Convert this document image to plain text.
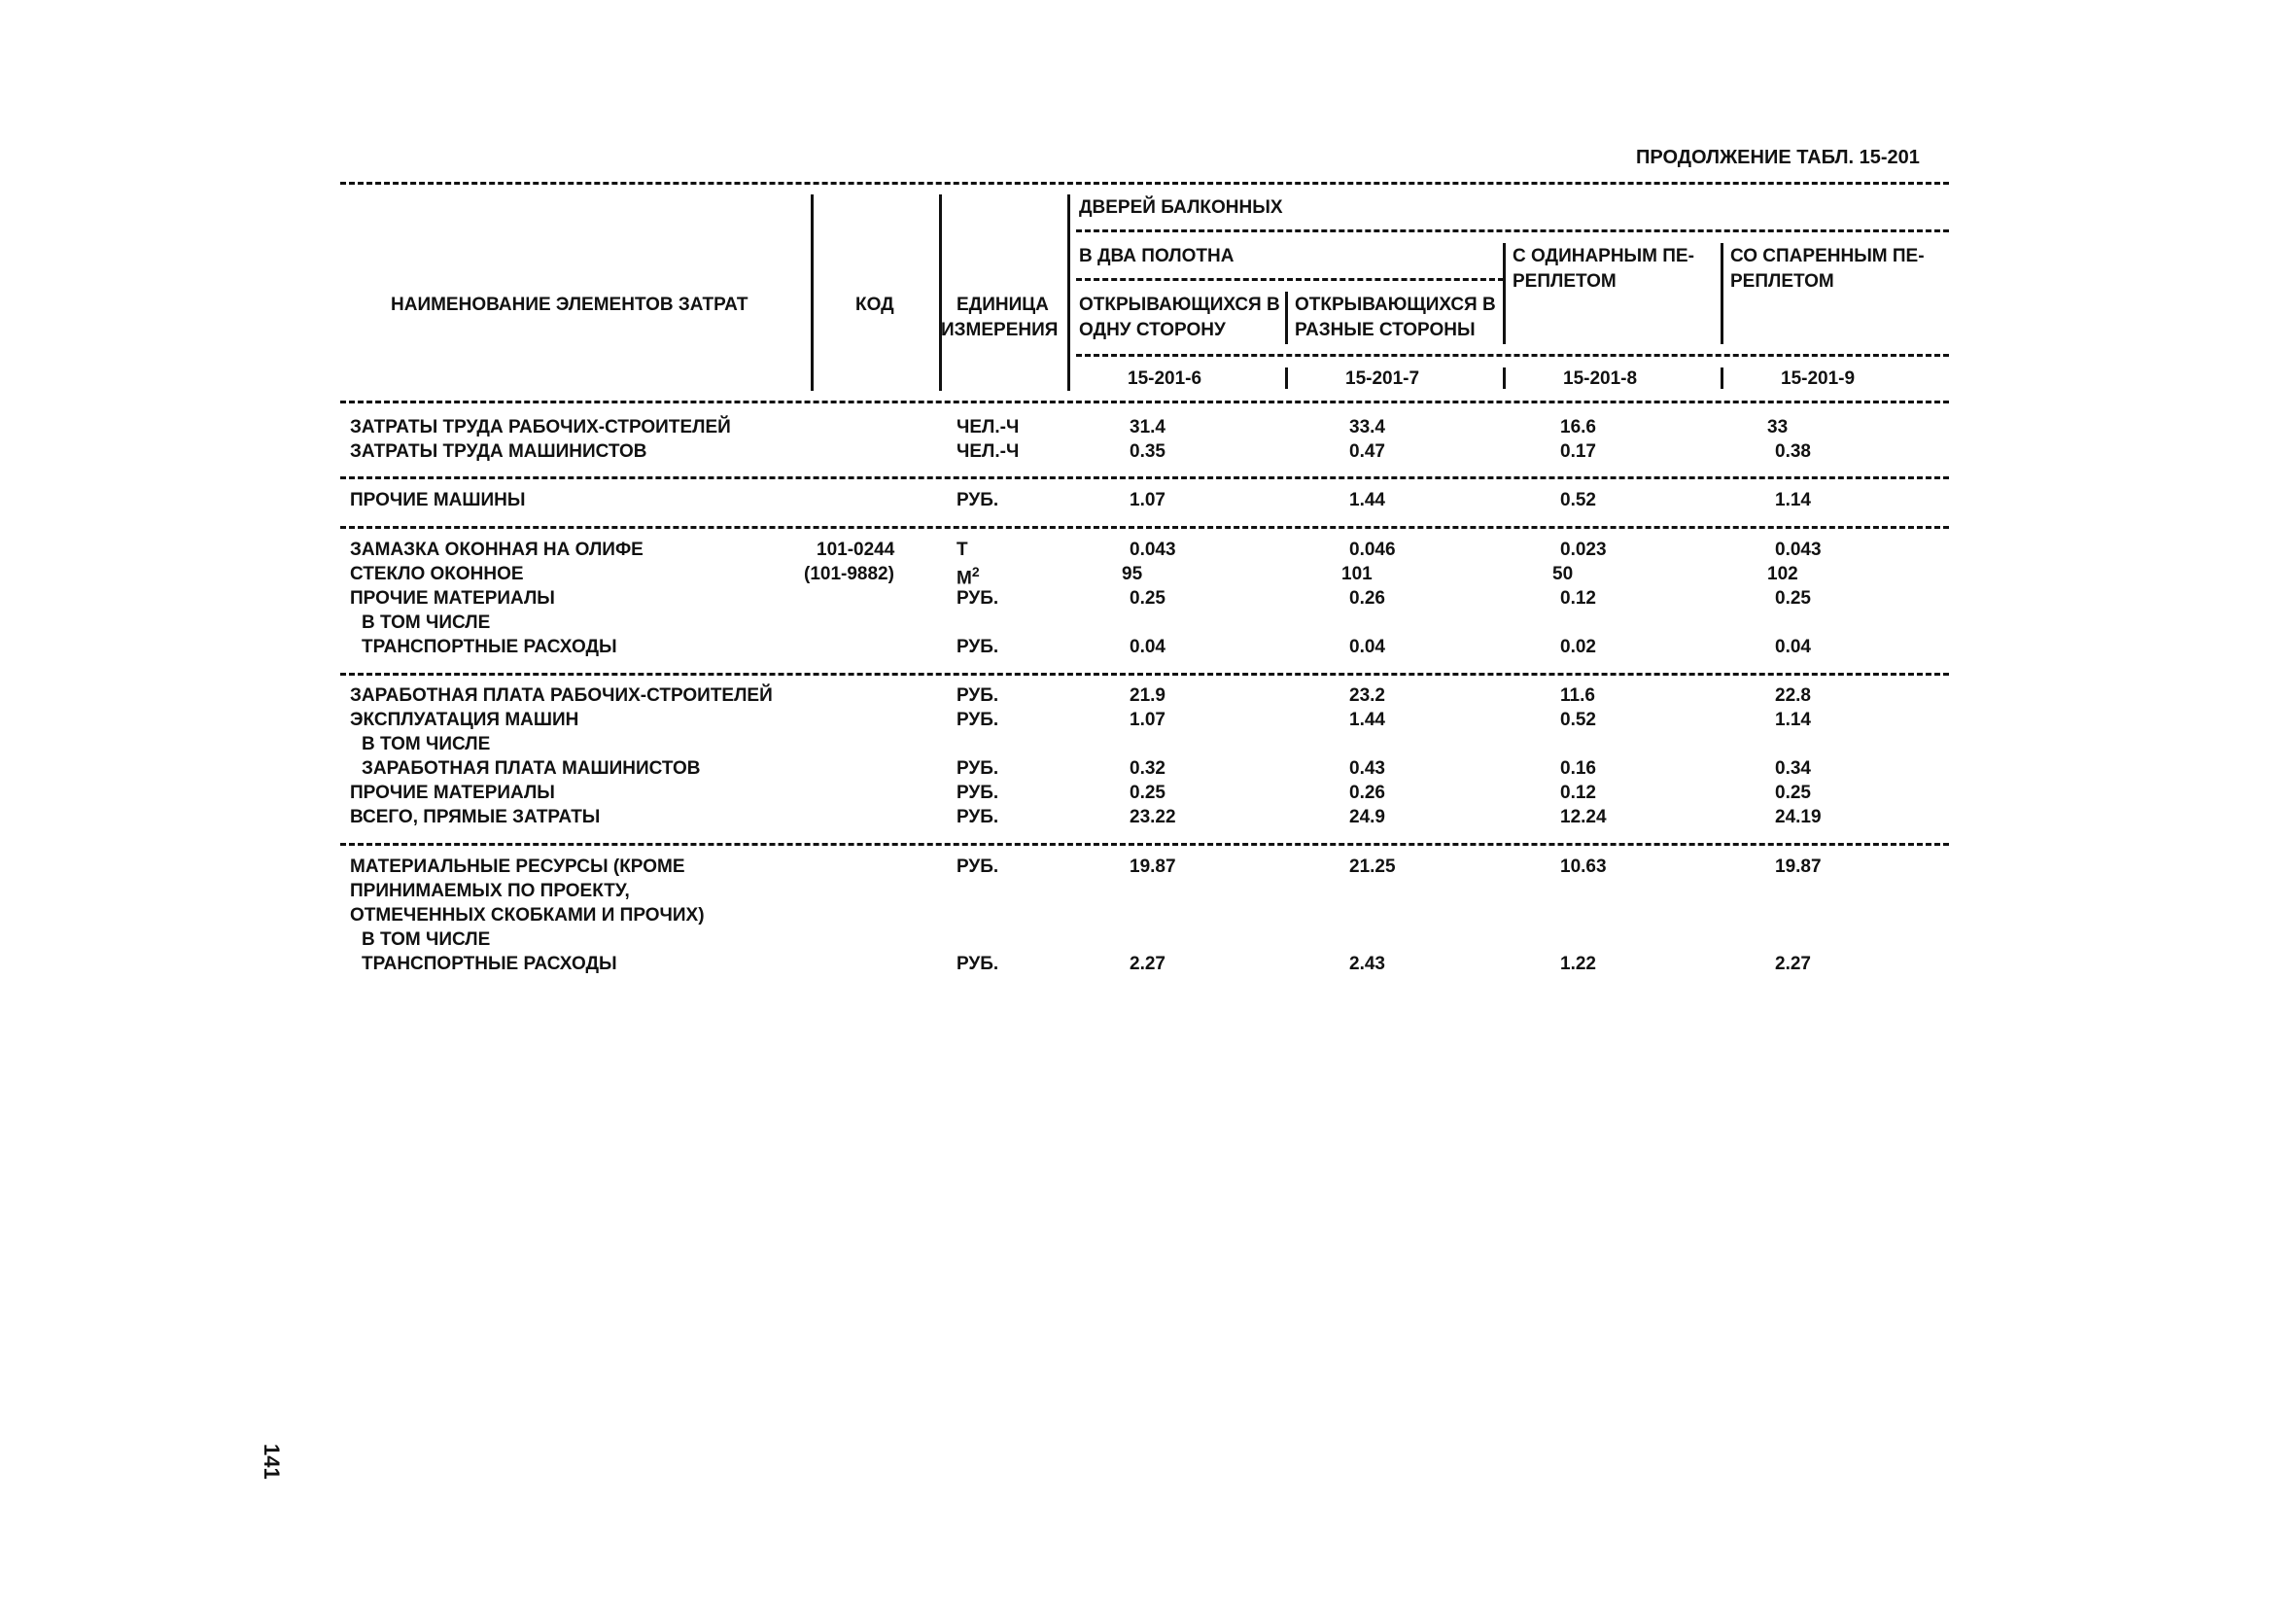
ПРОДОЛЖЕНИЕ ТАБЛ. 15-201
НАИМЕНОВАНИЕ ЭЛЕМЕНТОВ ЗАТРАТ	КОД	ЕДИНИЦА
ИЗМЕРЕНИЯ
ДВЕРЕЙ БАЛКОННЫХ
В ДВА ПОЛОТНА
ОТКРЫВАЮЩИХСЯ В
ОДНУ СТОРОНУ
ОТКРЫВАЮЩИХСЯ В
РАЗНЫЕ СТОРОНЫ
С ОДИНАРНЫМ ПЕ-
РЕПЛЕТОМ
СО СПАРЕННЫМ ПЕ-
РЕПЛЕТОМ
15-201-6	15-201-7	15-201-8	15-201-9
ЗАТРАТЫ ТРУДА РАБОЧИХ-СТРОИТЕЛЕЙ	ЧЕЛ.-Ч	31.4	33.4	16.6	33
ЗАТРАТЫ ТРУДА МАШИНИСТОВ	ЧЕЛ.-Ч	0.35	0.47	0.17	0.38
ПРОЧИЕ МАШИНЫ	РУБ.	1.07	1.44	0.52	1.14
ЗАМАЗКА ОКОННАЯ НА ОЛИФЕ	101-0244	Т	0.043	0.046	0.023	0.043
СТЕКЛО ОКОННОЕ	(101-9882)	$М^2$	95	101	50	102
ПРОЧИЕ МАТЕРИАЛЫ	РУБ.	0.25	0.26	0.12	0.25
В ТОМ ЧИСЛЕ
ТРАНСПОРТНЫЕ РАСХОДЫ	РУБ.	0.04	0.04	0.02	0.04
ЗАРАБОТНАЯ ПЛАТА РАБОЧИХ-СТРОИТЕЛЕЙ	РУБ.	21.9	23.2	11.6	22.8
ЭКСПЛУАТАЦИЯ МАШИН	РУБ.	1.07	1.44	0.52	1.14
В ТОМ ЧИСЛЕ
ЗАРАБОТНАЯ ПЛАТА МАШИНИСТОВ	РУБ.	0.32	0.43	0.16	0.34
ПРОЧИЕ МАТЕРИАЛЫ	РУБ.	0.25	0.26	0.12	0.25
ВСЕГО, ПРЯМЫЕ ЗАТРАТЫ	РУБ.	23.22	24.9	12.24	24.19
МАТЕРИАЛЬНЫЕ РЕСУРСЫ (КРОМЕ	РУБ.	19.87	21.25	10.63	19.87
ПРИНИМАЕМЫХ ПО ПРОЕКТУ,
ОТМЕЧЕННЫХ СКОБКАМИ И ПРОЧИХ)
В ТОМ ЧИСЛЕ
ТРАНСПОРТНЫЕ РАСХОДЫ	РУБ.	2.27	2.43	1.22	2.27
141
